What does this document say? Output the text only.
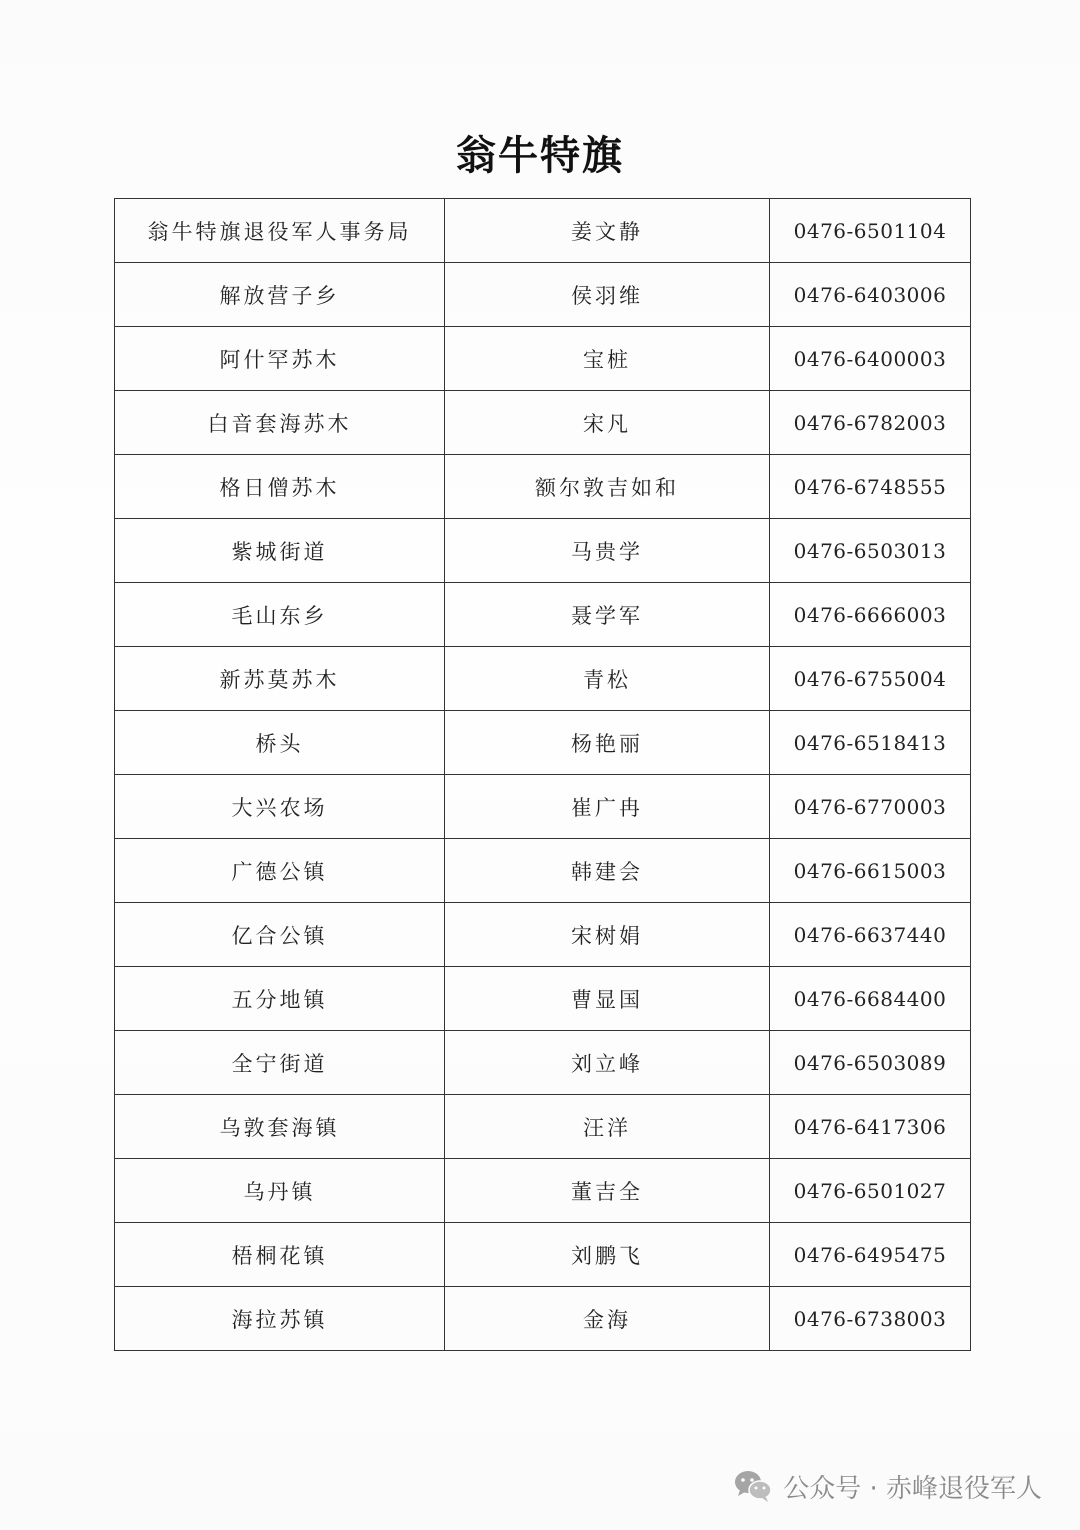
翁牛特旗
翁牛特旗退役军人事务局	姜文静	0476-6501104
解放营子乡	侯羽维	0476-6403006
阿什罕苏木	宝桩	0476-6400003
白音套海苏木	宋凡	0476-6782003
格日僧苏木	额尔敦吉如和	0476-6748555
紫城街道	马贵学	0476-6503013
毛山东乡	聂学军	0476-6666003
新苏莫苏木	青松	0476-6755004
桥头	杨艳丽	0476-6518413
大兴农场	崔广冉	0476-6770003
广德公镇	韩建会	0476-6615003
亿合公镇	宋树娟	0476-6637440
五分地镇	曹显国	0476-6684400
全宁街道	刘立峰	0476-6503089
乌敦套海镇	汪洋	0476-6417306
乌丹镇	董吉全	0476-6501027
梧桐花镇	刘鹏飞	0476-6495475
海拉苏镇	金海	0476-6738003
公众号 · 赤峰退役军人
